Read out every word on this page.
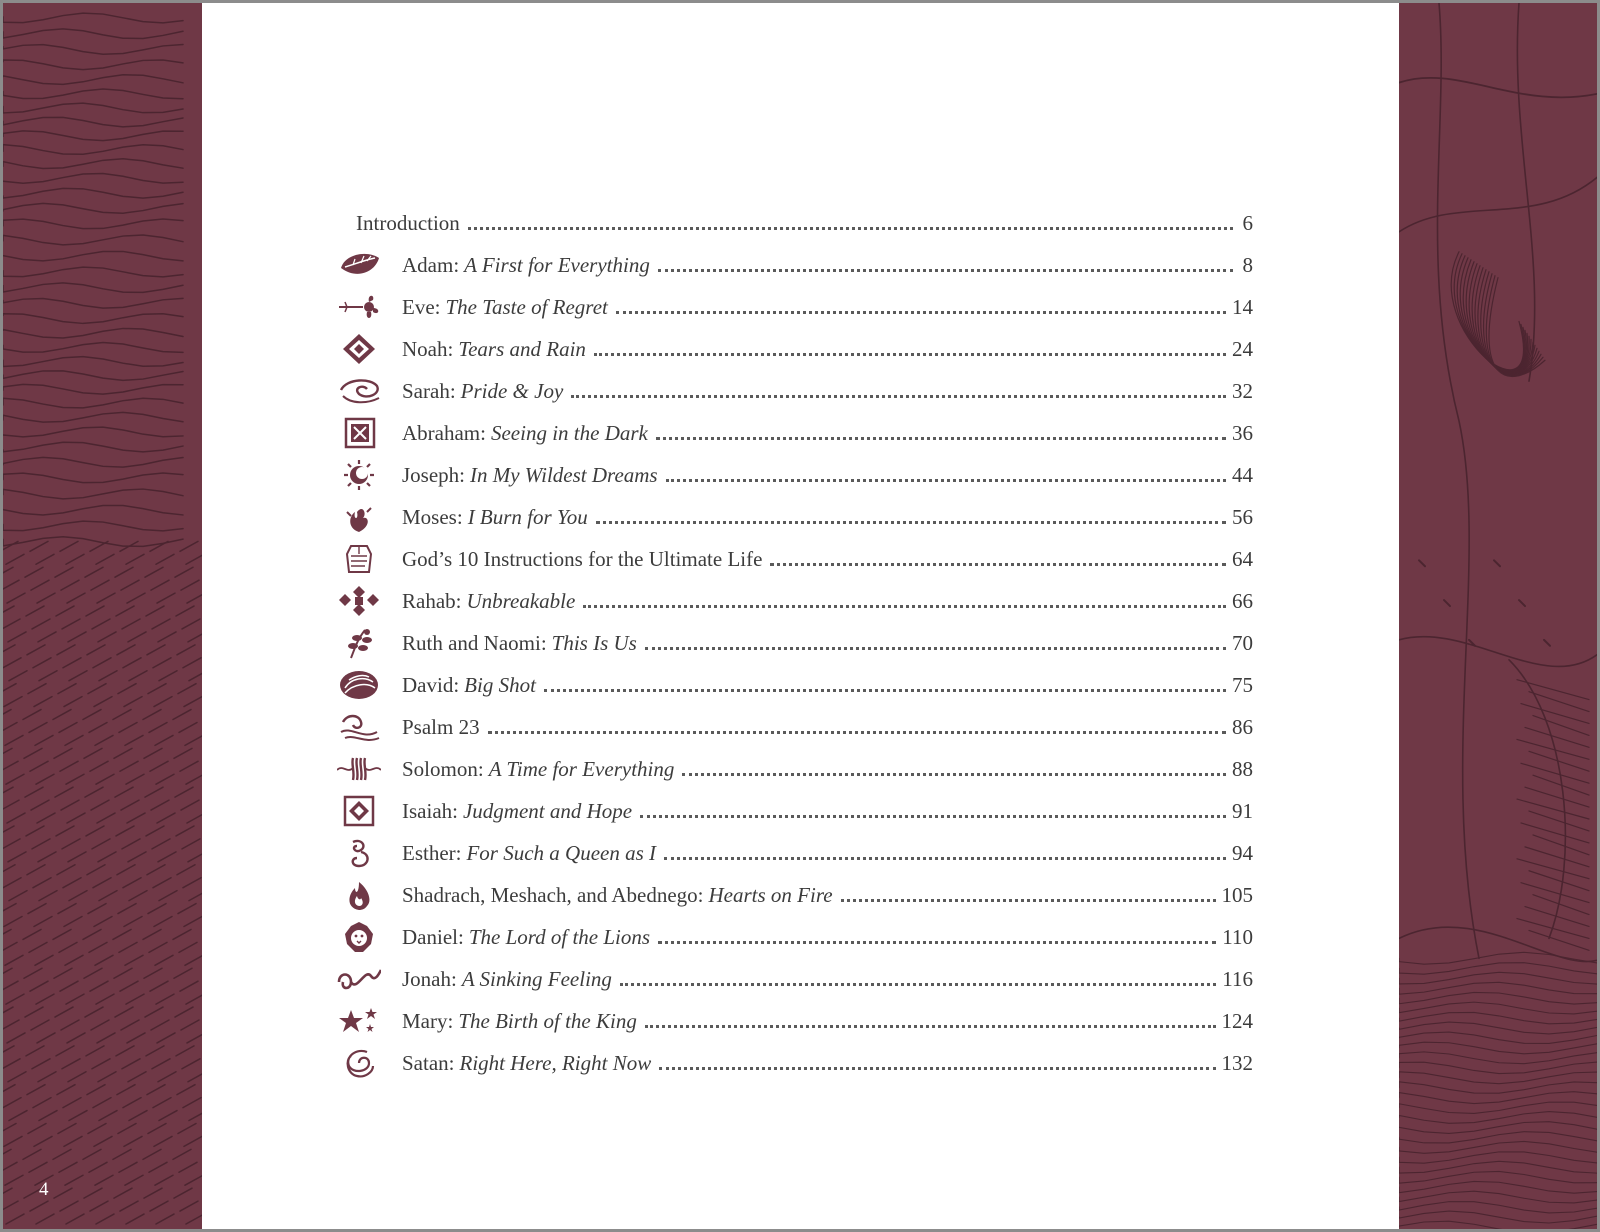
4
Introduction	6
Adam: A First for Everything	8
Eve: The Taste of Regret	14
Noah: Tears and Rain	24
Sarah: Pride & Joy	32
Abraham: Seeing in the Dark	36
Joseph: In My Wildest Dreams	44
Moses: I Burn for You	56
God’s 10 Instructions for the Ultimate Life	64
Rahab: Unbreakable	66
Ruth and Naomi: This Is Us	70
David: Big Shot	75
Psalm 23	86
Solomon: A Time for Everything	88
Isaiah: Judgment and Hope	91
Esther: For Such a Queen as I	94
Shadrach, Meshach, and Abednego: Hearts on Fire	105
Daniel: The Lord of the Lions	110
Jonah: A Sinking Feeling	116
Mary: The Birth of the King	124
Satan: Right Here, Right Now	132
